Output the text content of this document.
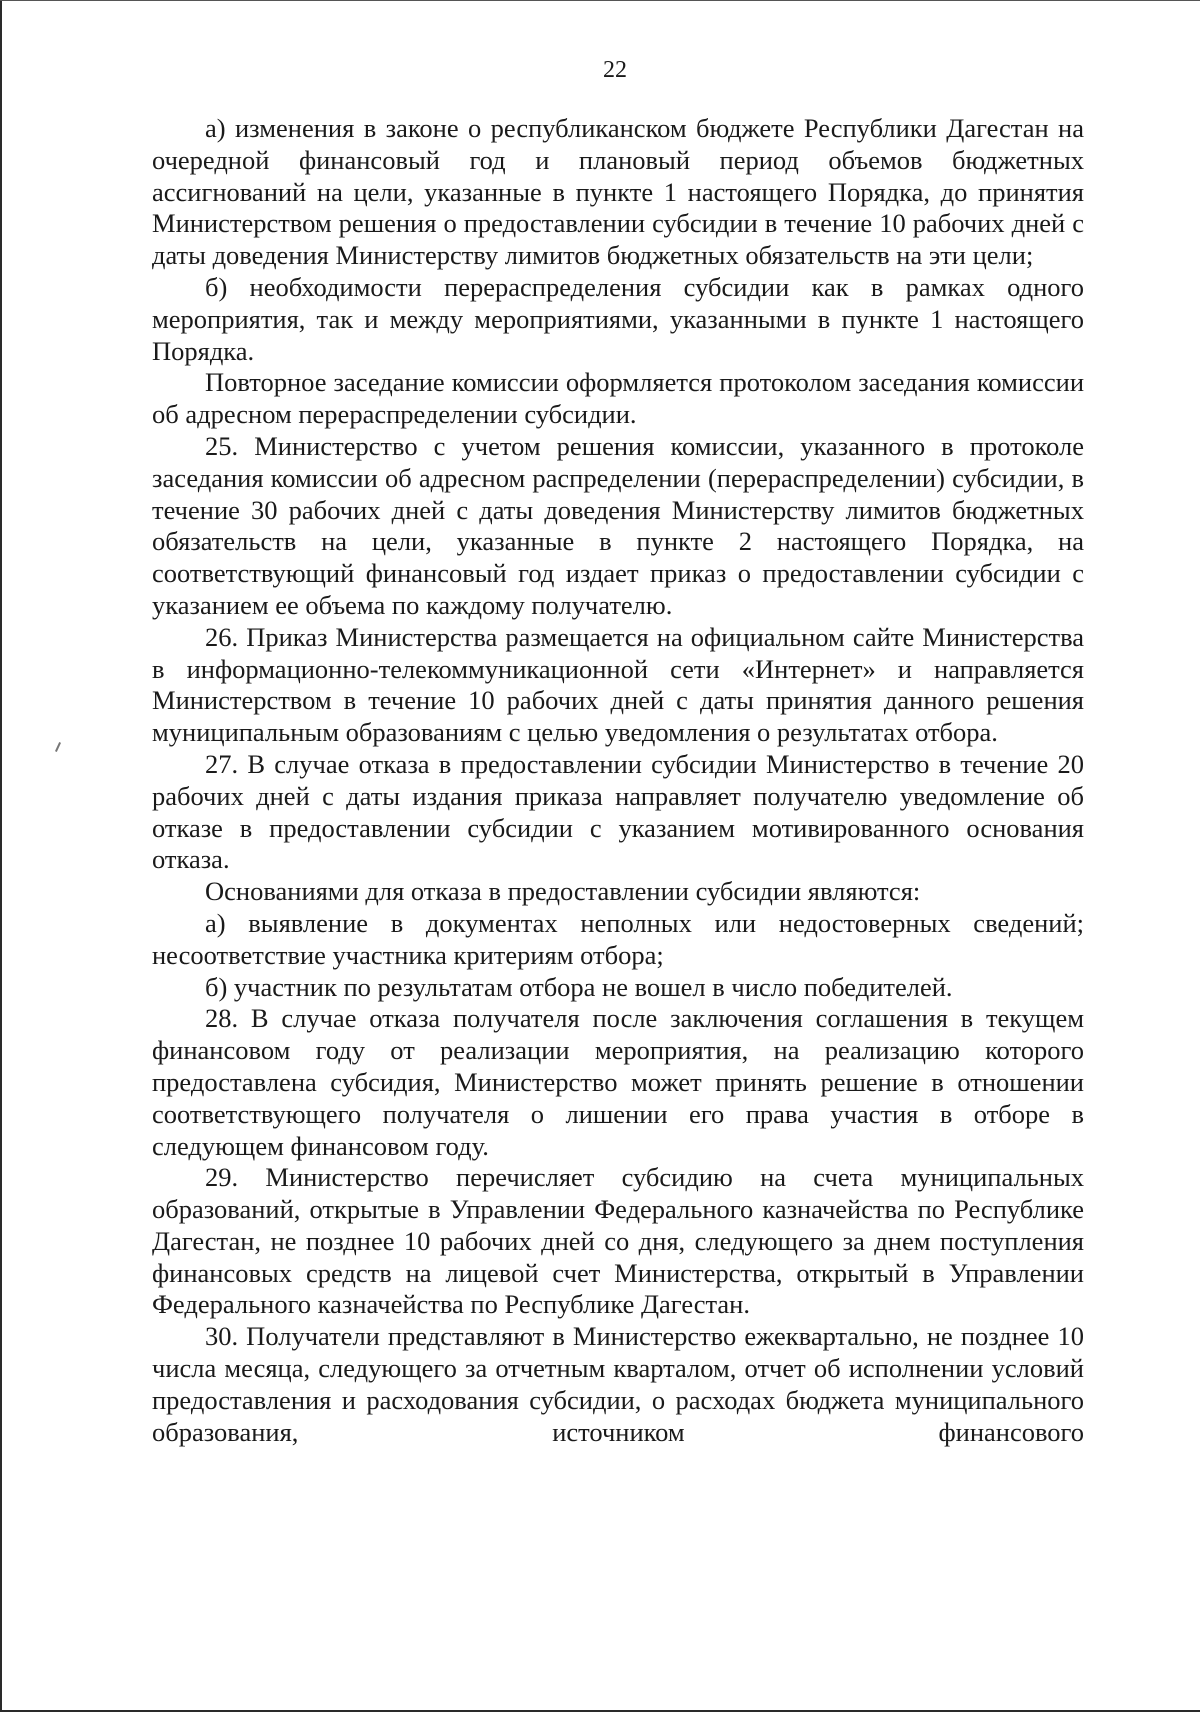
22

а) изменения в законе о республиканском бюджете Республики Дагестан на очередной финансовый год и плановый период объемов бюджетных ассигнований на цели, указанные в пункте 1 настоящего Порядка, до принятия Министерством решения о предоставлении субсидии в течение 10 рабочих дней с даты доведения Министерству лимитов бюджетных обязательств на эти цели;

б) необходимости перераспределения субсидии как в рамках одного мероприятия, так и между мероприятиями, указанными в пункте 1 настоящего Порядка.

Повторное заседание комиссии оформляется протоколом заседания комиссии об адресном перераспределении субсидии.

25. Министерство с учетом решения комиссии, указанного в протоколе заседания комиссии об адресном распределении (перераспределении) субсидии, в течение 30 рабочих дней с даты доведения Министерству лимитов бюджетных обязательств на цели, указанные в пункте 2 настоящего Порядка, на соответствующий финансовый год издает приказ о предоставлении субсидии с указанием ее объема по каждому получателю.

26. Приказ Министерства размещается на официальном сайте Министерства в информационно-телекоммуникационной сети «Интернет» и направляется Министерством в течение 10 рабочих дней с даты принятия данного решения муниципальным образованиям с целью уведомления о результатах отбора.

27. В случае отказа в предоставлении субсидии Министерство в течение 20 рабочих дней с даты издания приказа направляет получателю уведомление об отказе в предоставлении субсидии с указанием мотивированного основания отказа.

Основаниями для отказа в предоставлении субсидии являются:

а) выявление в документах неполных или недостоверных сведений; несоответствие участника критериям отбора;

б) участник по результатам отбора не вошел в число победителей.

28. В случае отказа получателя после заключения соглашения в текущем финансовом году от реализации мероприятия, на реализацию которого предоставлена субсидия, Министерство может принять решение в отношении соответствующего получателя о лишении его права участия в отборе в следующем финансовом году.

29. Министерство перечисляет субсидию на счета муниципальных образований, открытые в Управлении Федерального казначейства по Республике Дагестан, не позднее 10 рабочих дней со дня, следующего за днем поступления финансовых средств на лицевой счет Министерства, открытый в Управлении Федерального казначейства по Республике Дагестан.

30. Получатели представляют в Министерство ежеквартально, не позднее 10 числа месяца, следующего за отчетным кварталом, отчет об исполнении условий предоставления и расходования субсидии, о расходах бюджета муниципального образования, источником финансового
